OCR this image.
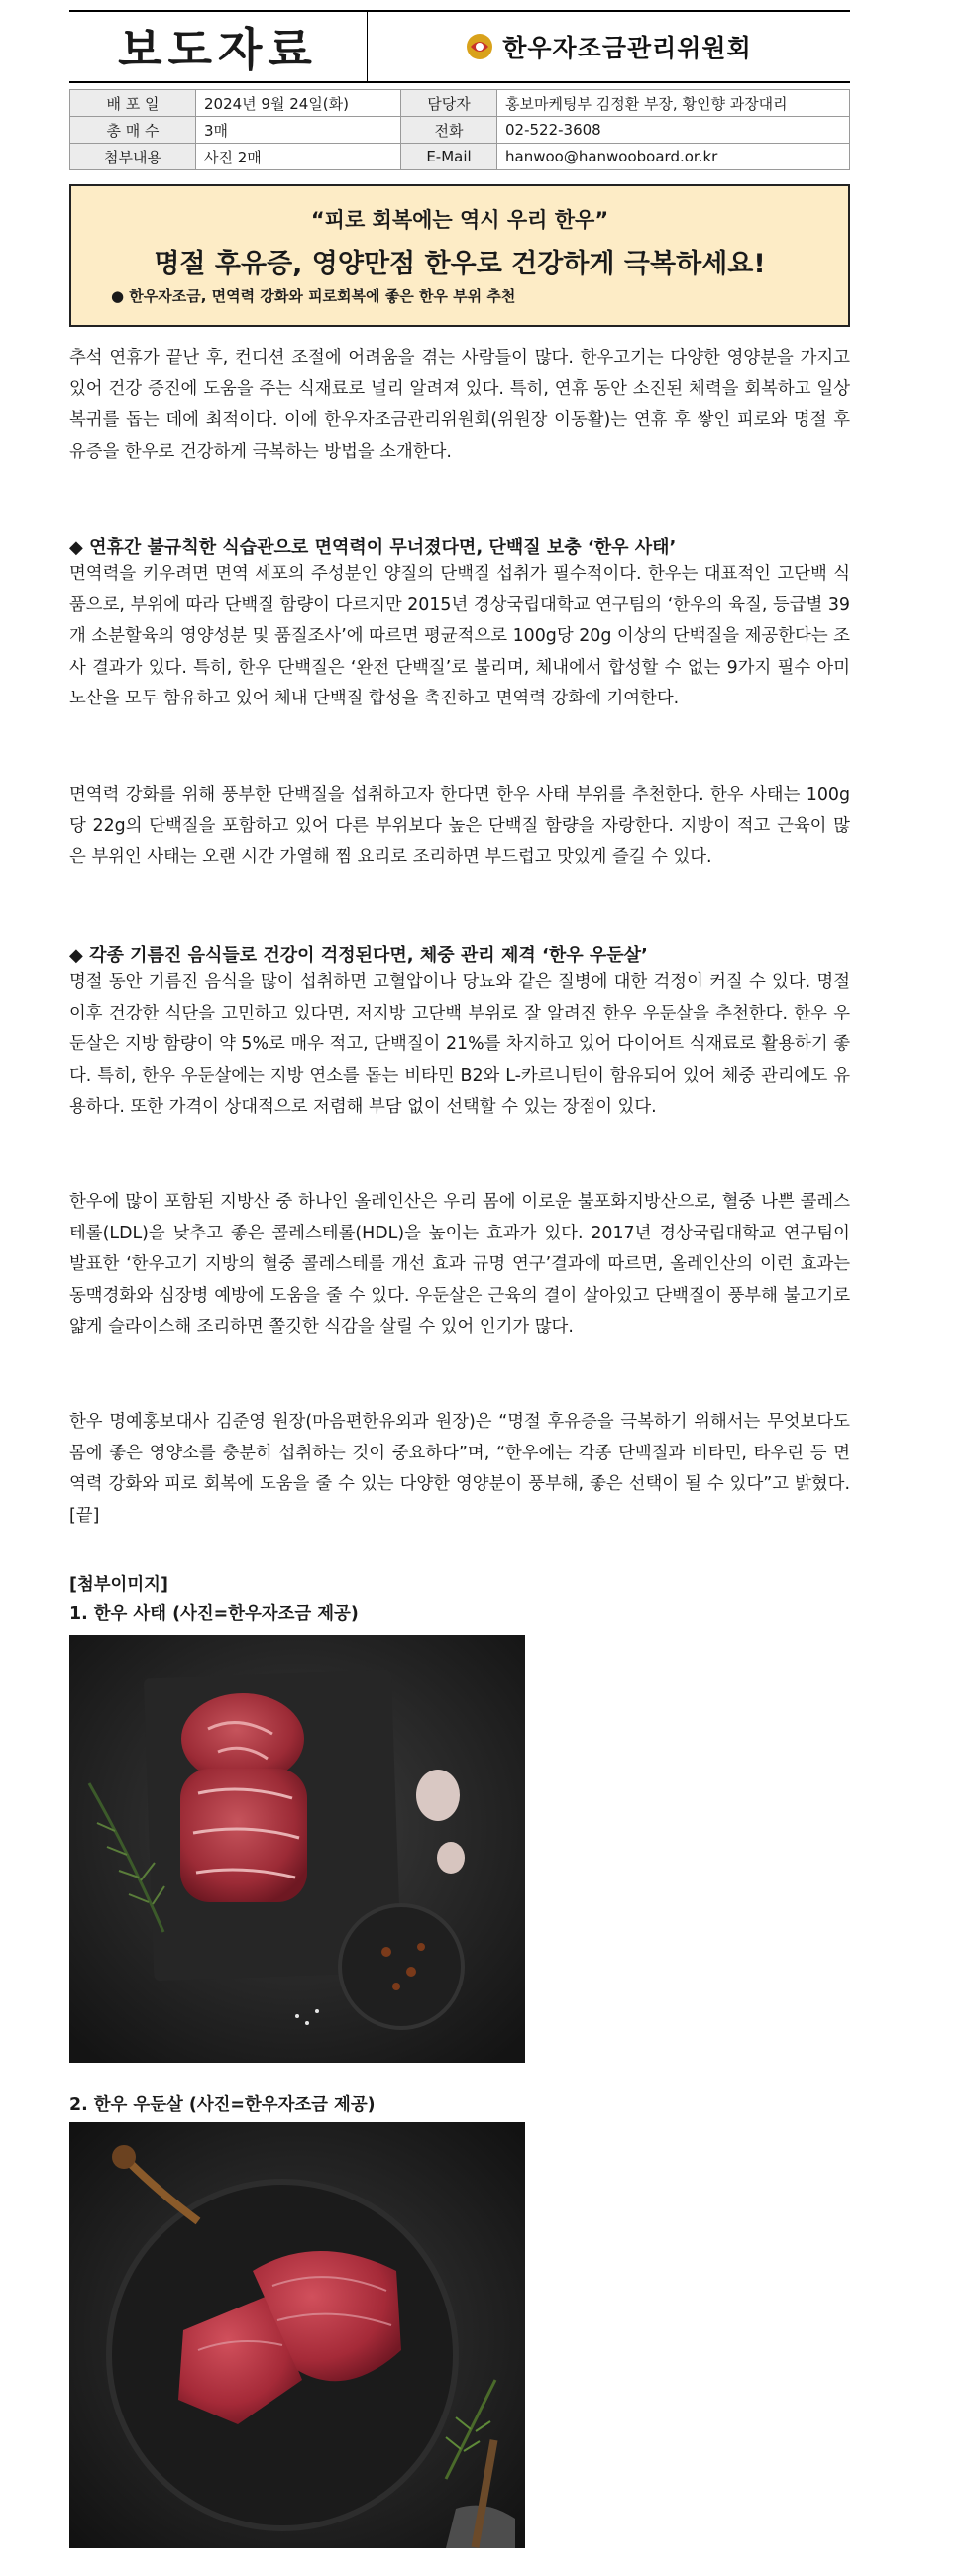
보도자료	한우자조금관리위원회
배 포 일	2024년 9월 24일(화)	담당자	홍보마케팅부 김정환 부장, 황인향 과장대리
총 매 수	3매	전화	02-522-3608
첨부내용	사진 2매	E-Mail	hanwoo@hanwooboard.or.kr
“피로 회복에는 역시 우리 한우”
명절 후유증, 영양만점 한우로 건강하게 극복하세요!
● 한우자조금, 면역력 강화와 피로회복에 좋은 한우 부위 추천
추석 연휴가 끝난 후, 컨디션 조절에 어려움을 겪는 사람들이 많다. 한우고기는 다양한 영양분을 가지고 있어 건강 증진에 도움을 주는 식재료로 널리 알려져 있다. 특히, 연휴 동안 소진된 체력을 회복하고 일상 복귀를 돕는 데에 최적이다. 이에 한우자조금관리위원회(위원장 이동활)는 연휴 후 쌓인 피로와 명절 후유증을 한우로 건강하게 극복하는 방법을 소개한다.
◆ 연휴간 불규칙한 식습관으로 면역력이 무너졌다면, 단백질 보충 ‘한우 사태’
면역력을 키우려면 면역 세포의 주성분인 양질의 단백질 섭취가 필수적이다. 한우는 대표적인 고단백 식품으로, 부위에 따라 단백질 함량이 다르지만 2015년 경상국립대학교 연구팀의 ‘한우의 육질, 등급별 39개 소분할육의 영양성분 및 품질조사’에 따르면 평균적으로 100g당 20g 이상의 단백질을 제공한다는 조사 결과가 있다. 특히, 한우 단백질은 ‘완전 단백질’로 불리며, 체내에서 합성할 수 없는 9가지 필수 아미노산을 모두 함유하고 있어 체내 단백질 합성을 촉진하고 면역력 강화에 기여한다.
면역력 강화를 위해 풍부한 단백질을 섭취하고자 한다면 한우 사태 부위를 추천한다. 한우 사태는 100g당 22g의 단백질을 포함하고 있어 다른 부위보다 높은 단백질 함량을 자랑한다. 지방이 적고 근육이 많은 부위인 사태는 오랜 시간 가열해 찜 요리로 조리하면 부드럽고 맛있게 즐길 수 있다.
◆ 각종 기름진 음식들로 건강이 걱정된다면, 체중 관리 제격 ‘한우 우둔살’
명절 동안 기름진 음식을 많이 섭취하면 고혈압이나 당뇨와 같은 질병에 대한 걱정이 커질 수 있다. 명절 이후 건강한 식단을 고민하고 있다면, 저지방 고단백 부위로 잘 알려진 한우 우둔살을 추천한다. 한우 우둔살은 지방 함량이 약 5%로 매우 적고, 단백질이 21%를 차지하고 있어 다이어트 식재료로 활용하기 좋다. 특히, 한우 우둔살에는 지방 연소를 돕는 비타민 B2와 L-카르니틴이 함유되어 있어 체중 관리에도 유용하다. 또한 가격이 상대적으로 저렴해 부담 없이 선택할 수 있는 장점이 있다.
한우에 많이 포함된 지방산 중 하나인 올레인산은 우리 몸에 이로운 불포화지방산으로, 혈중 나쁜 콜레스테롤(LDL)을 낮추고 좋은 콜레스테롤(HDL)을 높이는 효과가 있다. 2017년 경상국립대학교 연구팀이 발표한 ‘한우고기 지방의 혈중 콜레스테롤 개선 효과 규명 연구’결과에 따르면, 올레인산의 이런 효과는 동맥경화와 심장병 예방에 도움을 줄 수 있다. 우둔살은 근육의 결이 살아있고 단백질이 풍부해 불고기로 얇게 슬라이스해 조리하면 쫄깃한 식감을 살릴 수 있어 인기가 많다.
한우 명예홍보대사 김준영 원장(마음편한유외과 원장)은 “명절 후유증을 극복하기 위해서는 무엇보다도 몸에 좋은 영양소를 충분히 섭취하는 것이 중요하다”며, “한우에는 각종 단백질과 비타민, 타우린 등 면역력 강화와 피로 회복에 도움을 줄 수 있는 다양한 영양분이 풍부해, 좋은 선택이 될 수 있다”고 밝혔다. [끝]
[첨부이미지]
1. 한우 사태 (사진=한우자조금 제공)
2. 한우 우둔살 (사진=한우자조금 제공)
